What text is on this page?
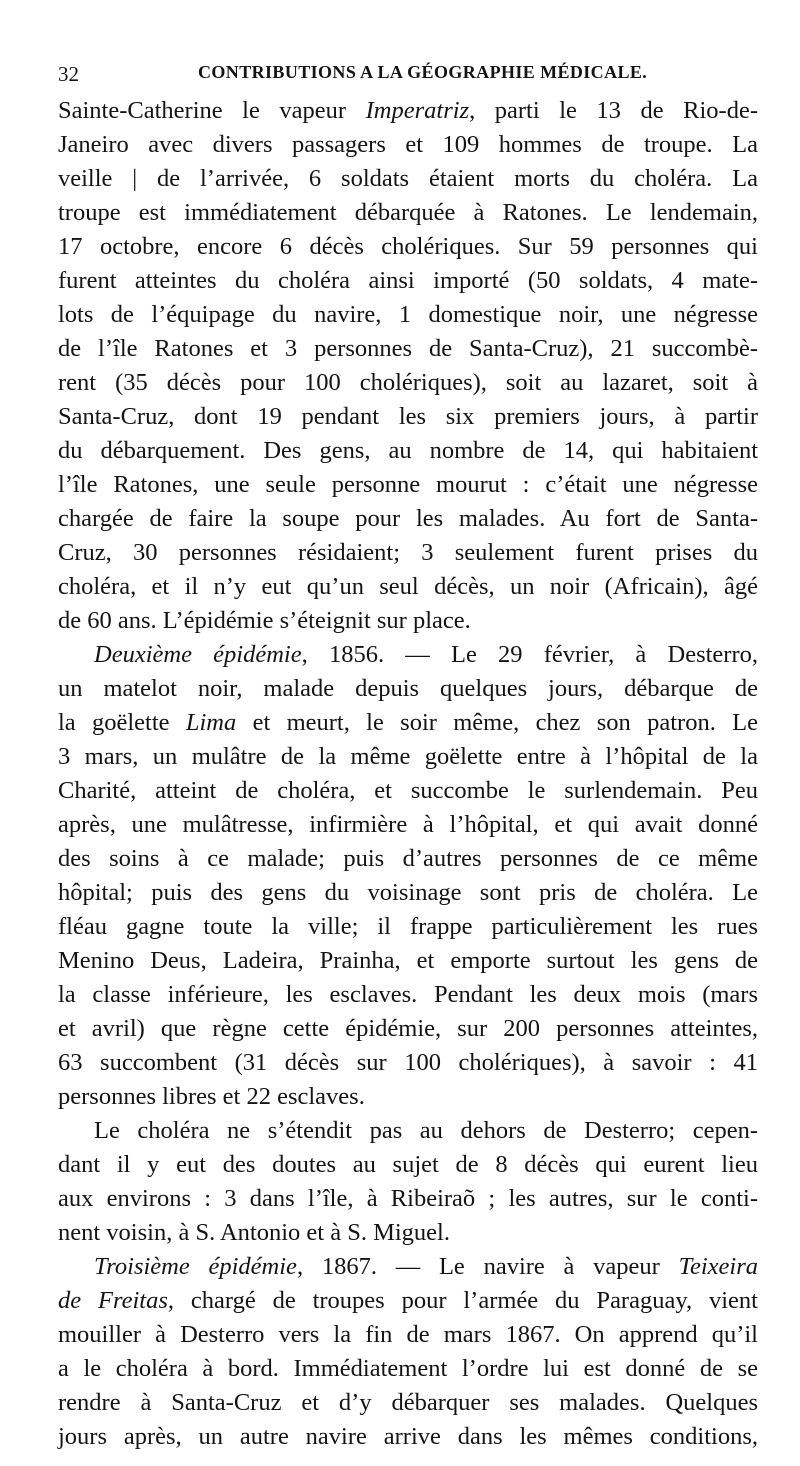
32	CONTRIBUTIONS A LA GÉOGRAPHIE MÉDICALE.
Sainte-Catherine le vapeur Imperatriz, parti le 13 de Rio-de-
Janeiro avec divers passagers et 109 hommes de troupe. La
veille | de l’arrivée, 6 soldats étaient morts du choléra. La
troupe est immédiatement débarquée à Ratones. Le lendemain,
17 octobre, encore 6 décès cholériques. Sur 59 personnes qui
furent atteintes du choléra ainsi importé (50 soldats, 4 mate-
lots de l’équipage du navire, 1 domestique noir, une négresse
de l’île Ratones et 3 personnes de Santa-Cruz), 21 succombè-
rent (35 décès pour 100 cholériques), soit au lazaret, soit à
Santa-Cruz, dont 19 pendant les six premiers jours, à partir
du débarquement. Des gens, au nombre de 14, qui habitaient
l’île Ratones, une seule personne mourut : c’était une négresse
chargée de faire la soupe pour les malades. Au fort de Santa-
Cruz, 30 personnes résidaient; 3 seulement furent prises du
choléra, et il n’y eut qu’un seul décès, un noir (Africain), âgé
de 60 ans. L’épidémie s’éteignit sur place.
Deuxième épidémie, 1856. — Le 29 février, à Desterro,
un matelot noir, malade depuis quelques jours, débarque de
la goëlette Lima et meurt, le soir même, chez son patron. Le
3 mars, un mulâtre de la même goëlette entre à l’hôpital de la
Charité, atteint de choléra, et succombe le surlendemain. Peu
après, une mulâtresse, infirmière à l’hôpital, et qui avait donné
des soins à ce malade; puis d’autres personnes de ce même
hôpital; puis des gens du voisinage sont pris de choléra. Le
fléau gagne toute la ville; il frappe particulièrement les rues
Menino Deus, Ladeira, Prainha, et emporte surtout les gens de
la classe inférieure, les esclaves. Pendant les deux mois (mars
et avril) que règne cette épidémie, sur 200 personnes atteintes,
63 succombent (31 décès sur 100 cholériques), à savoir : 41
personnes libres et 22 esclaves.
Le choléra ne s’étendit pas au dehors de Desterro; cepen-
dant il y eut des doutes au sujet de 8 décès qui eurent lieu
aux environs : 3 dans l’île, à Ribeiraõ ; les autres, sur le conti-
nent voisin, à S. Antonio et à S. Miguel.
Troisième épidémie, 1867. — Le navire à vapeur Teixeira
de Freitas, chargé de troupes pour l’armée du Paraguay, vient
mouiller à Desterro vers la fin de mars 1867. On apprend qu’il
a le choléra à bord. Immédiatement l’ordre lui est donné de se
rendre à Santa-Cruz et d’y débarquer ses malades. Quelques
jours après, un autre navire arrive dans les mêmes conditions,
